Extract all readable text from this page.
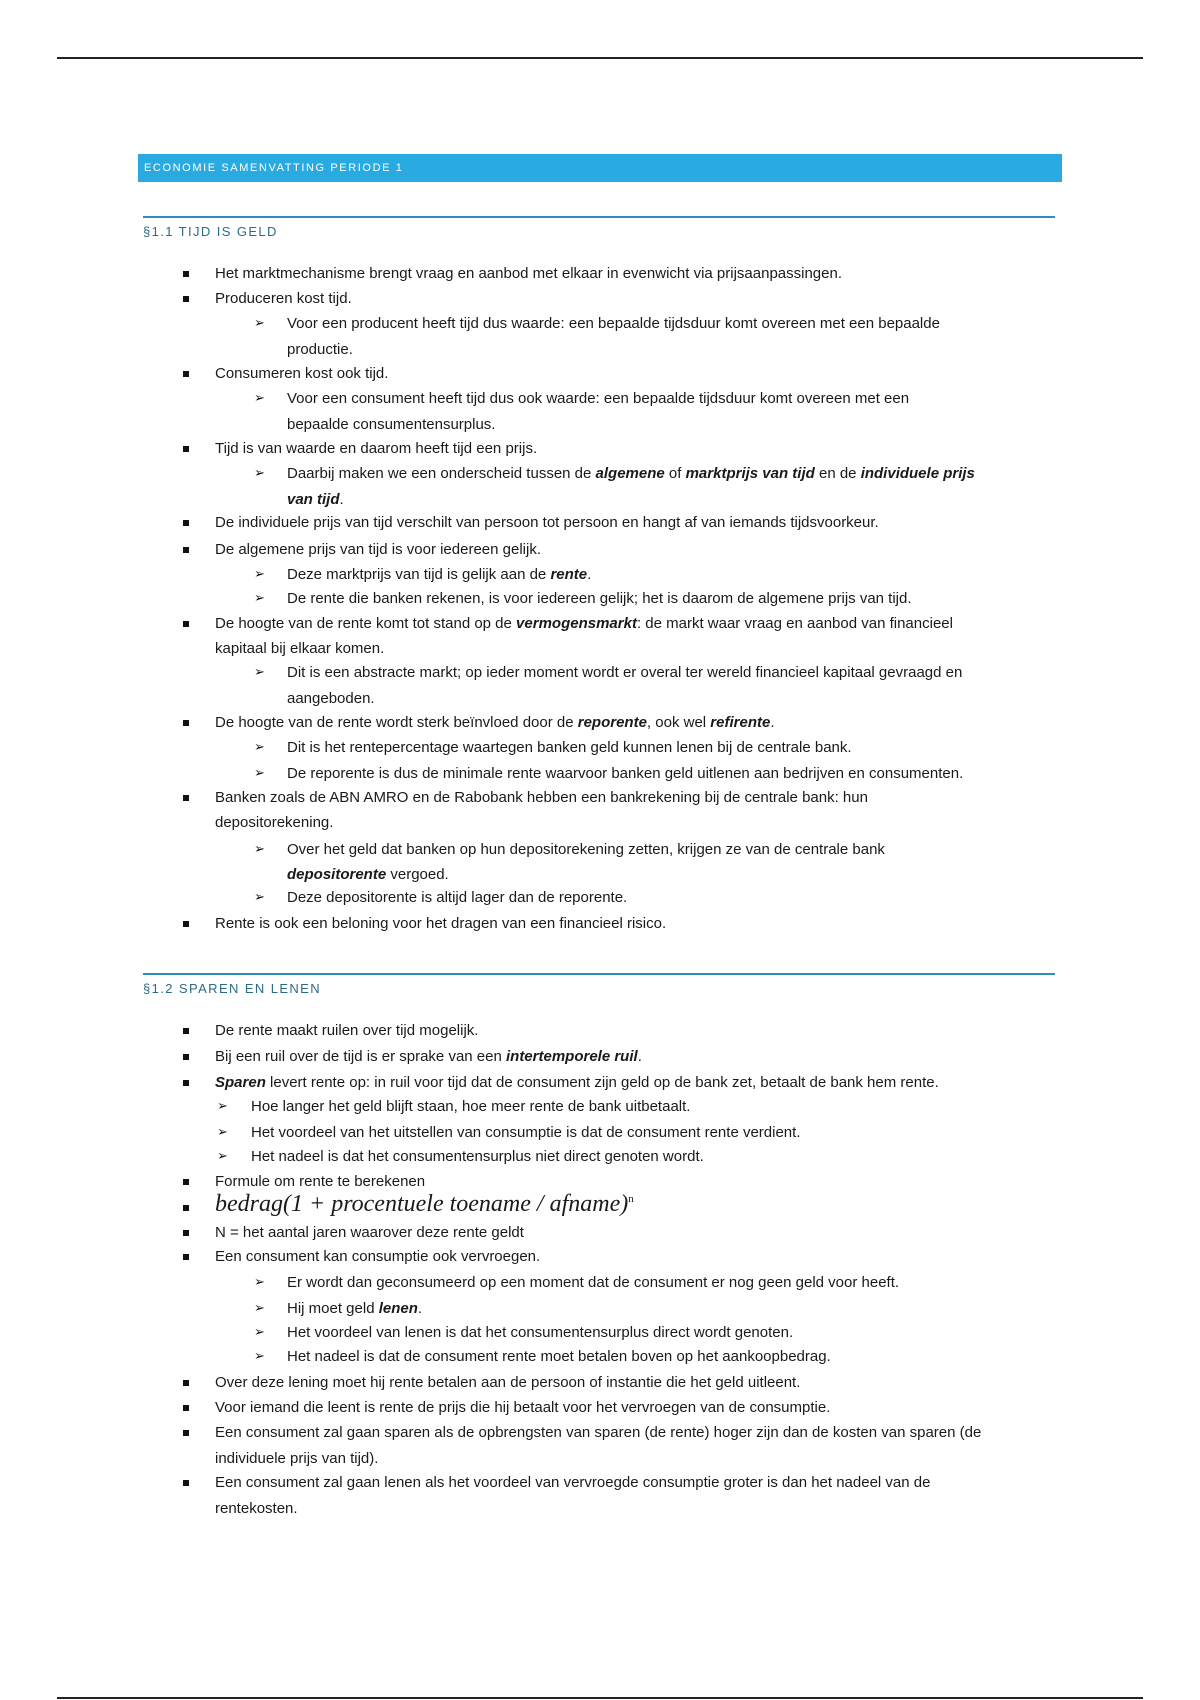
ECONOMIE SAMENVATTING PERIODE 1
§1.1 TIJD IS GELD
§1.2 SPAREN EN LENEN
Het marktmechanisme brengt vraag en aanbod met elkaar in evenwicht via prijsaanpassingen.
Produceren kost tijd.
➢ Voor een producent heeft tijd dus waarde: een bepaalde tijdsduur komt overeen met een bepaalde
productie.
Consumeren kost ook tijd.
➢ Voor een consument heeft tijd dus ook waarde: een bepaalde tijdsduur komt overeen met een
bepaalde consumentensurplus.
Tijd is van waarde en daarom heeft tijd een prijs.
➢ Daarbij maken we een onderscheid tussen de algemene of marktprijs van tijd en de individuele prijs
van tijd.
De individuele prijs van tijd verschilt van persoon tot persoon en hangt af van iemands tijdsvoorkeur.
De algemene prijs van tijd is voor iedereen gelijk.
➢ Deze marktprijs van tijd is gelijk aan de rente.
➢ De rente die banken rekenen, is voor iedereen gelijk; het is daarom de algemene prijs van tijd.
De hoogte van de rente komt tot stand op de vermogensmarkt: de markt waar vraag en aanbod van financieel
kapitaal bij elkaar komen.
➢ Dit is een abstracte markt; op ieder moment wordt er overal ter wereld financieel kapitaal gevraagd en
aangeboden.
De hoogte van de rente wordt sterk beïnvloed door de reporente, ook wel refirente.
➢ Dit is het rentepercentage waartegen banken geld kunnen lenen bij de centrale bank.
➢ De reporente is dus de minimale rente waarvoor banken geld uitlenen aan bedrijven en consumenten.
Banken zoals de ABN AMRO en de Rabobank hebben een bankrekening bij de centrale bank: hun
depositorekening.
➢ Over het geld dat banken op hun depositorekening zetten, krijgen ze van de centrale bank
depositorente vergoed.
➢ Deze depositorente is altijd lager dan de reporente.
Rente is ook een beloning voor het dragen van een financieel risico.
De rente maakt ruilen over tijd mogelijk.
Bij een ruil over de tijd is er sprake van een intertemporele ruil.
Sparen levert rente op: in ruil voor tijd dat de consument zijn geld op de bank zet, betaalt de bank hem rente.
➢ Hoe langer het geld blijft staan, hoe meer rente de bank uitbetaalt.
➢ Het voordeel van het uitstellen van consumptie is dat de consument rente verdient.
➢ Het nadeel is dat het consumentensurplus niet direct genoten wordt.
Formule om rente te berekenen
N = het aantal jaren waarover deze rente geldt
Een consument kan consumptie ook vervroegen.
➢ Er wordt dan geconsumeerd op een moment dat de consument er nog geen geld voor heeft.
➢ Hij moet geld lenen.
➢ Het voordeel van lenen is dat het consumentensurplus direct wordt genoten.
➢ Het nadeel is dat de consument rente moet betalen boven op het aankoopbedrag.
Over deze lening moet hij rente betalen aan de persoon of instantie die het geld uitleent.
Voor iemand die leent is rente de prijs die hij betaalt voor het vervroegen van de consumptie.
Een consument zal gaan sparen als de opbrengsten van sparen (de rente) hoger zijn dan de kosten van sparen (de
individuele prijs van tijd).
Een consument zal gaan lenen als het voordeel van vervroegde consumptie groter is dan het nadeel van de
rentekosten.
bedrag(1 + procentuele toename / afname)$^n$
